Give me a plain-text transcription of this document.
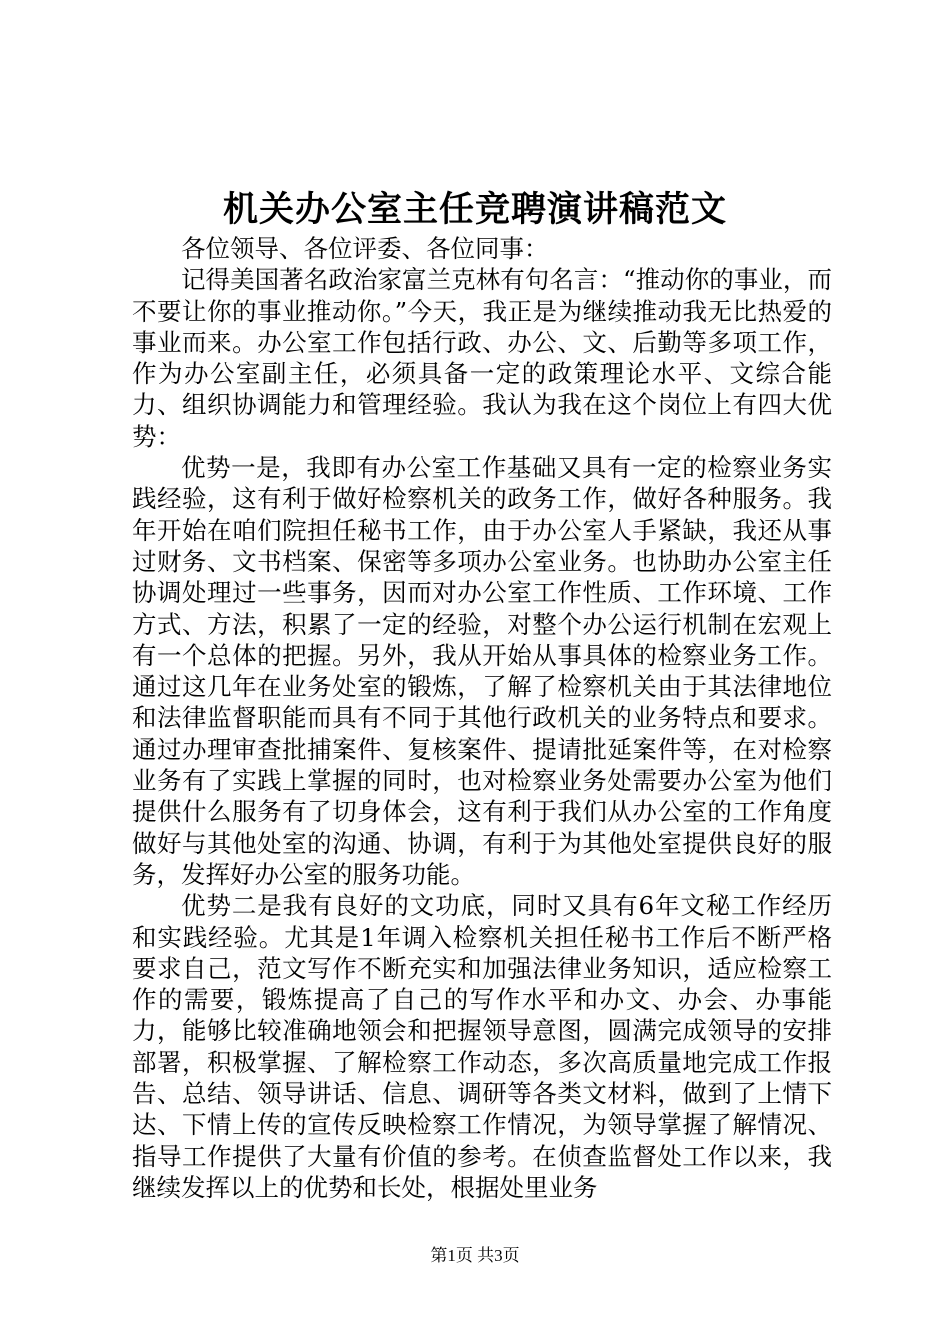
机关办公室主任竞聘演讲稿范文

各位领导、各位评委、各位同事：

记得美国著名政治家富兰克林有句名言：“推动你的事业，而不要让你的事业推动你。”今天，我正是为继续推动我无比热爱的事业而来。办公室工作包括行政、办公、文、后勤等多项工作，作为办公室副主任，必须具备一定的政策理论水平、文综合能力、组织协调能力和管理经验。我认为我在这个岗位上有四大优势：

优势一是，我即有办公室工作基础又具有一定的检察业务实践经验，这有利于做好检察机关的政务工作，做好各种服务。我年开始在咱们院担任秘书工作，由于办公室人手紧缺，我还从事过财务、文书档案、保密等多项办公室业务。也协助办公室主任协调处理过一些事务，因而对办公室工作性质、工作环境、工作方式、方法，积累了一定的经验，对整个办公运行机制在宏观上有一个总体的把握。另外，我从开始从事具体的检察业务工作。通过这几年在业务处室的锻炼，了解了检察机关由于其法律地位和法律监督职能而具有不同于其他行政机关的业务特点和要求。通过办理审查批捕案件、复核案件、提请批延案件等，在对检察业务有了实践上掌握的同时，也对检察业务处需要办公室为他们提供什么服务有了切身体会，这有利于我们从办公室的工作角度做好与其他处室的沟通、协调，有利于为其他处室提供良好的服务，发挥好办公室的服务功能。

优势二是我有良好的文功底，同时又具有6年文秘工作经历和实践经验。尤其是1年调入检察机关担任秘书工作后不断严格要求自己，范文写作不断充实和加强法律业务知识，适应检察工作的需要，锻炼提高了自己的写作水平和办文、办会、办事能力，能够比较准确地领会和把握领导意图，圆满完成领导的安排部署，积极掌握、了解检察工作动态，多次高质量地完成工作报告、总结、领导讲话、信息、调研等各类文材料，做到了上情下达、下情上传的宣传反映检察工作情况，为领导掌握了解情况、指导工作提供了大量有价值的参考。在侦查监督处工作以来，我继续发挥以上的优势和长处，根据处里业务

第1页 共3页
